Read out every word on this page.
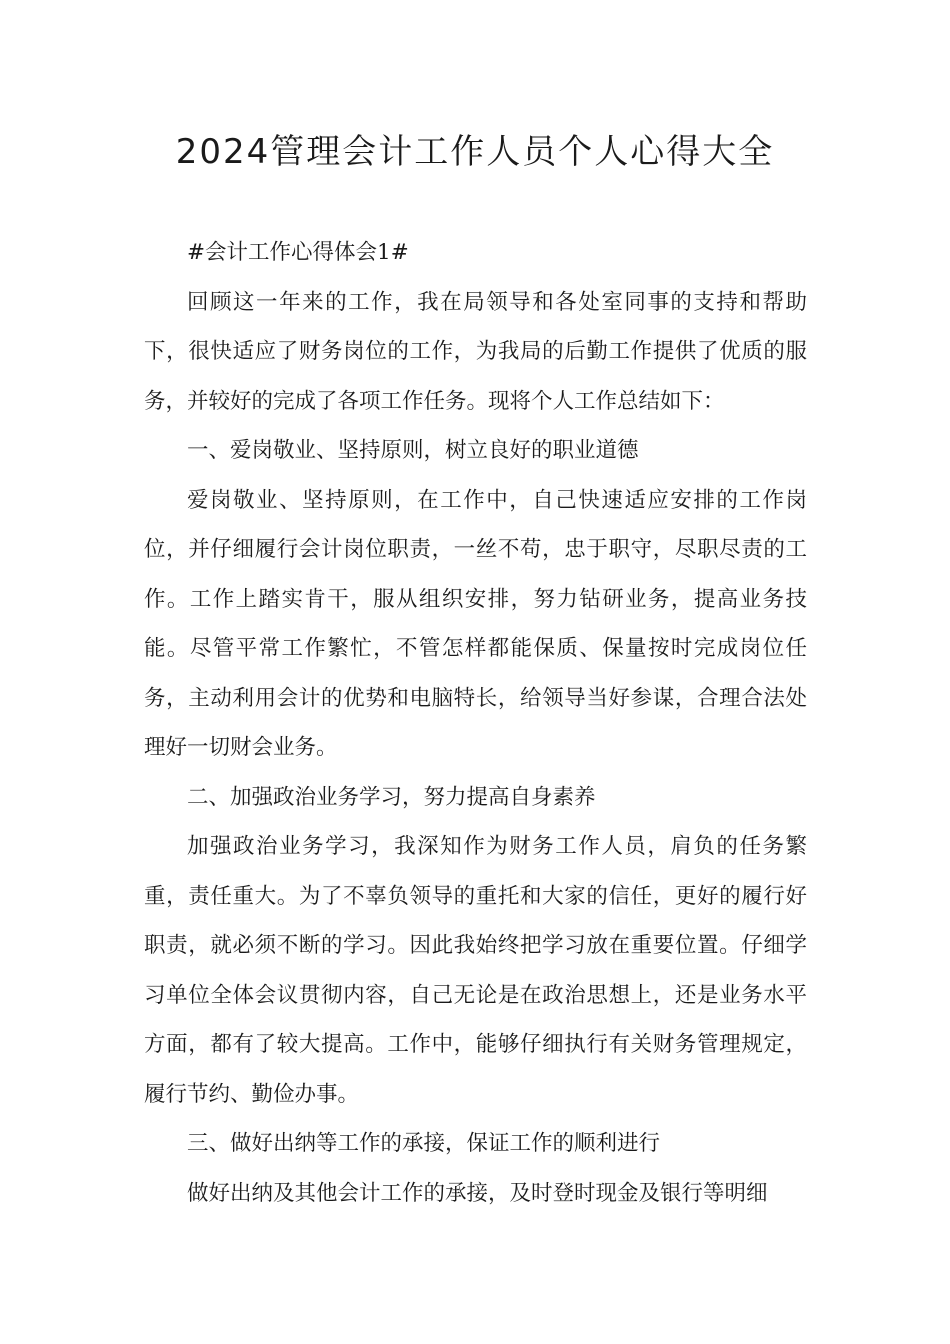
2024管理会计工作人员个人心得大全

#会计工作心得体会1#

回顾这一年来的工作，我在局领导和各处室同事的支持和帮助下，很快适应了财务岗位的工作，为我局的后勤工作提供了优质的服务，并较好的完成了各项工作任务。现将个人工作总结如下：

一、爱岗敬业、坚持原则，树立良好的职业道德

爱岗敬业、坚持原则，在工作中，自己快速适应安排的工作岗位，并仔细履行会计岗位职责，一丝不苟，忠于职守，尽职尽责的工作。工作上踏实肯干，服从组织安排，努力钻研业务，提高业务技能。尽管平常工作繁忙，不管怎样都能保质、保量按时完成岗位任务，主动利用会计的优势和电脑特长，给领导当好参谋，合理合法处理好一切财会业务。

二、加强政治业务学习，努力提高自身素养

加强政治业务学习，我深知作为财务工作人员，肩负的任务繁重，责任重大。为了不辜负领导的重托和大家的信任，更好的履行好职责，就必须不断的学习。因此我始终把学习放在重要位置。仔细学习单位全体会议贯彻内容，自己无论是在政治思想上，还是业务水平方面，都有了较大提高。工作中，能够仔细执行有关财务管理规定，履行节约、勤俭办事。

三、做好出纳等工作的承接，保证工作的顺利进行

做好出纳及其他会计工作的承接，及时登时现金及银行等明细
